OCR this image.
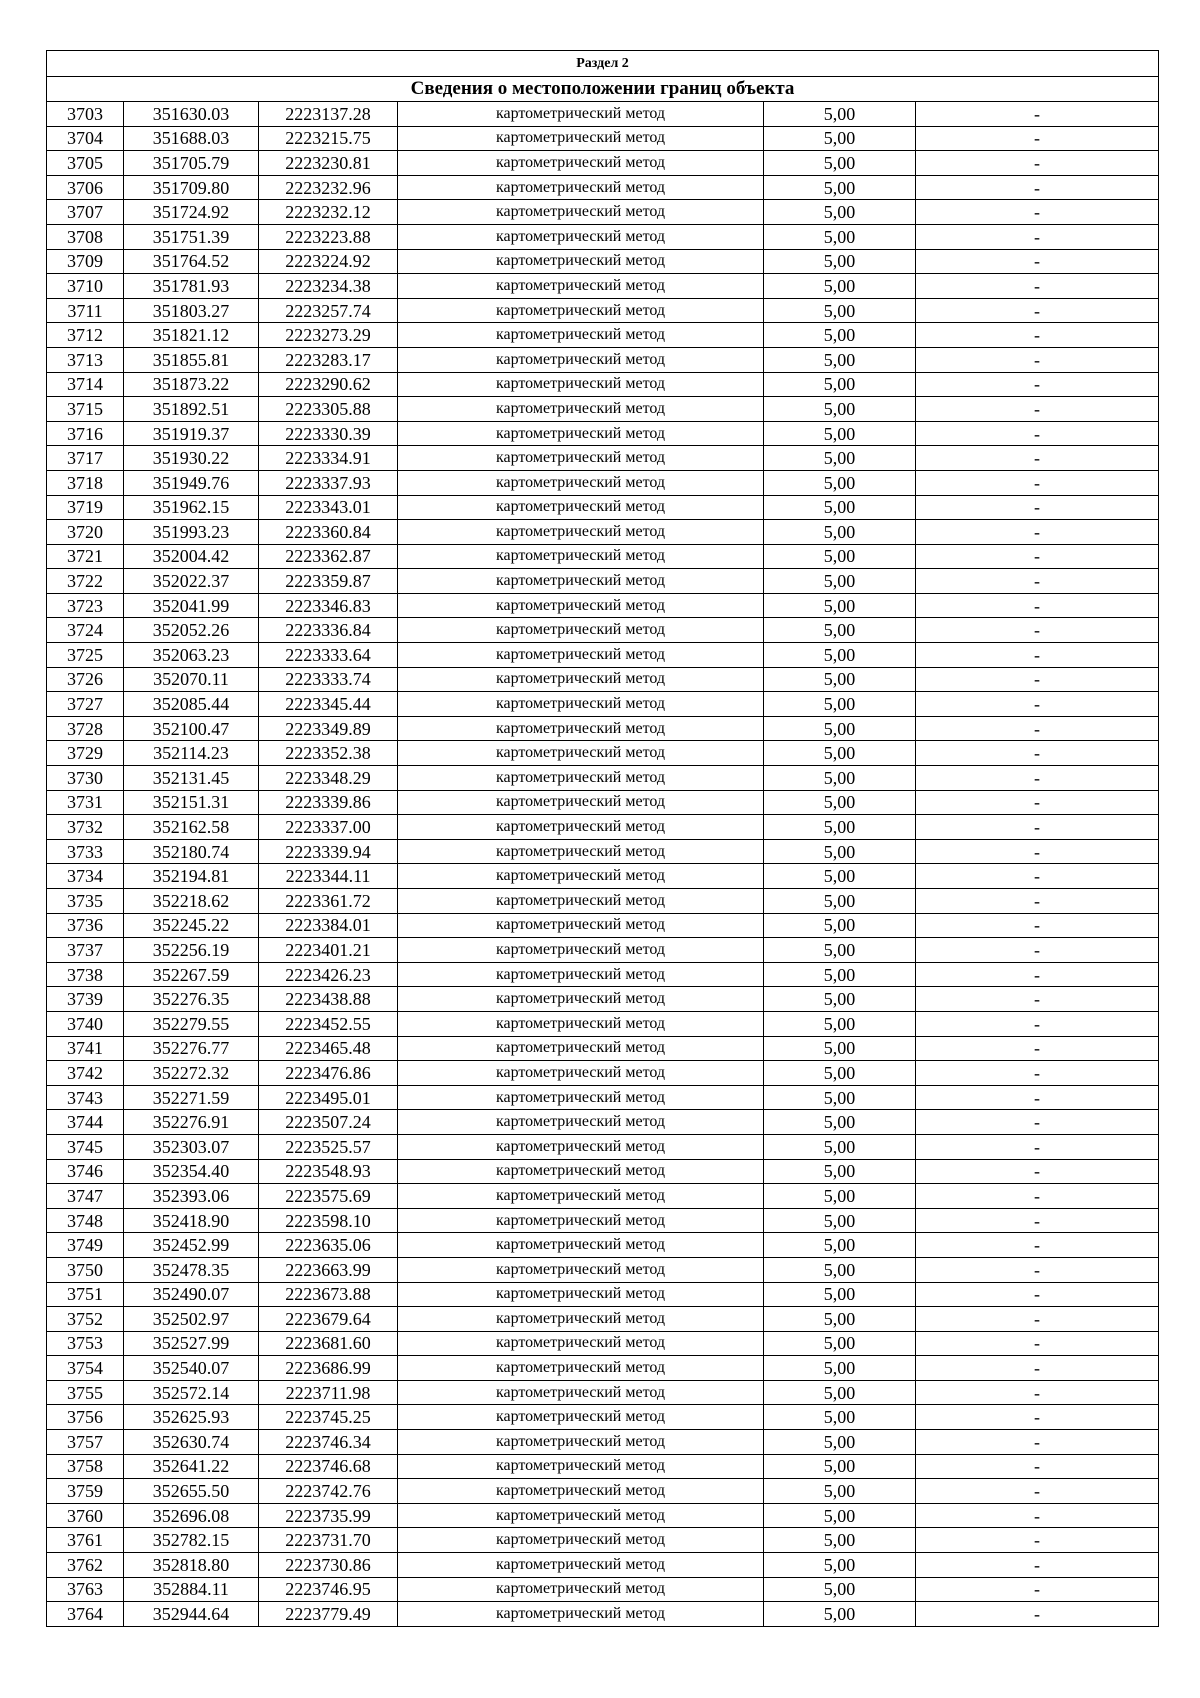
Раздел 2					
Сведения о местоположении границ объекта					
3703	351630.03	2223137.28	картометрический метод	5,00	-
3704	351688.03	2223215.75	картометрический метод	5,00	-
3705	351705.79	2223230.81	картометрический метод	5,00	-
3706	351709.80	2223232.96	картометрический метод	5,00	-
3707	351724.92	2223232.12	картометрический метод	5,00	-
3708	351751.39	2223223.88	картометрический метод	5,00	-
3709	351764.52	2223224.92	картометрический метод	5,00	-
3710	351781.93	2223234.38	картометрический метод	5,00	-
3711	351803.27	2223257.74	картометрический метод	5,00	-
3712	351821.12	2223273.29	картометрический метод	5,00	-
3713	351855.81	2223283.17	картометрический метод	5,00	-
3714	351873.22	2223290.62	картометрический метод	5,00	-
3715	351892.51	2223305.88	картометрический метод	5,00	-
3716	351919.37	2223330.39	картометрический метод	5,00	-
3717	351930.22	2223334.91	картометрический метод	5,00	-
3718	351949.76	2223337.93	картометрический метод	5,00	-
3719	351962.15	2223343.01	картометрический метод	5,00	-
3720	351993.23	2223360.84	картометрический метод	5,00	-
3721	352004.42	2223362.87	картометрический метод	5,00	-
3722	352022.37	2223359.87	картометрический метод	5,00	-
3723	352041.99	2223346.83	картометрический метод	5,00	-
3724	352052.26	2223336.84	картометрический метод	5,00	-
3725	352063.23	2223333.64	картометрический метод	5,00	-
3726	352070.11	2223333.74	картометрический метод	5,00	-
3727	352085.44	2223345.44	картометрический метод	5,00	-
3728	352100.47	2223349.89	картометрический метод	5,00	-
3729	352114.23	2223352.38	картометрический метод	5,00	-
3730	352131.45	2223348.29	картометрический метод	5,00	-
3731	352151.31	2223339.86	картометрический метод	5,00	-
3732	352162.58	2223337.00	картометрический метод	5,00	-
3733	352180.74	2223339.94	картометрический метод	5,00	-
3734	352194.81	2223344.11	картометрический метод	5,00	-
3735	352218.62	2223361.72	картометрический метод	5,00	-
3736	352245.22	2223384.01	картометрический метод	5,00	-
3737	352256.19	2223401.21	картометрический метод	5,00	-
3738	352267.59	2223426.23	картометрический метод	5,00	-
3739	352276.35	2223438.88	картометрический метод	5,00	-
3740	352279.55	2223452.55	картометрический метод	5,00	-
3741	352276.77	2223465.48	картометрический метод	5,00	-
3742	352272.32	2223476.86	картометрический метод	5,00	-
3743	352271.59	2223495.01	картометрический метод	5,00	-
3744	352276.91	2223507.24	картометрический метод	5,00	-
3745	352303.07	2223525.57	картометрический метод	5,00	-
3746	352354.40	2223548.93	картометрический метод	5,00	-
3747	352393.06	2223575.69	картометрический метод	5,00	-
3748	352418.90	2223598.10	картометрический метод	5,00	-
3749	352452.99	2223635.06	картометрический метод	5,00	-
3750	352478.35	2223663.99	картометрический метод	5,00	-
3751	352490.07	2223673.88	картометрический метод	5,00	-
3752	352502.97	2223679.64	картометрический метод	5,00	-
3753	352527.99	2223681.60	картометрический метод	5,00	-
3754	352540.07	2223686.99	картометрический метод	5,00	-
3755	352572.14	2223711.98	картометрический метод	5,00	-
3756	352625.93	2223745.25	картометрический метод	5,00	-
3757	352630.74	2223746.34	картометрический метод	5,00	-
3758	352641.22	2223746.68	картометрический метод	5,00	-
3759	352655.50	2223742.76	картометрический метод	5,00	-
3760	352696.08	2223735.99	картометрический метод	5,00	-
3761	352782.15	2223731.70	картометрический метод	5,00	-
3762	352818.80	2223730.86	картометрический метод	5,00	-
3763	352884.11	2223746.95	картометрический метод	5,00	-
3764	352944.64	2223779.49	картометрический метод	5,00	-
